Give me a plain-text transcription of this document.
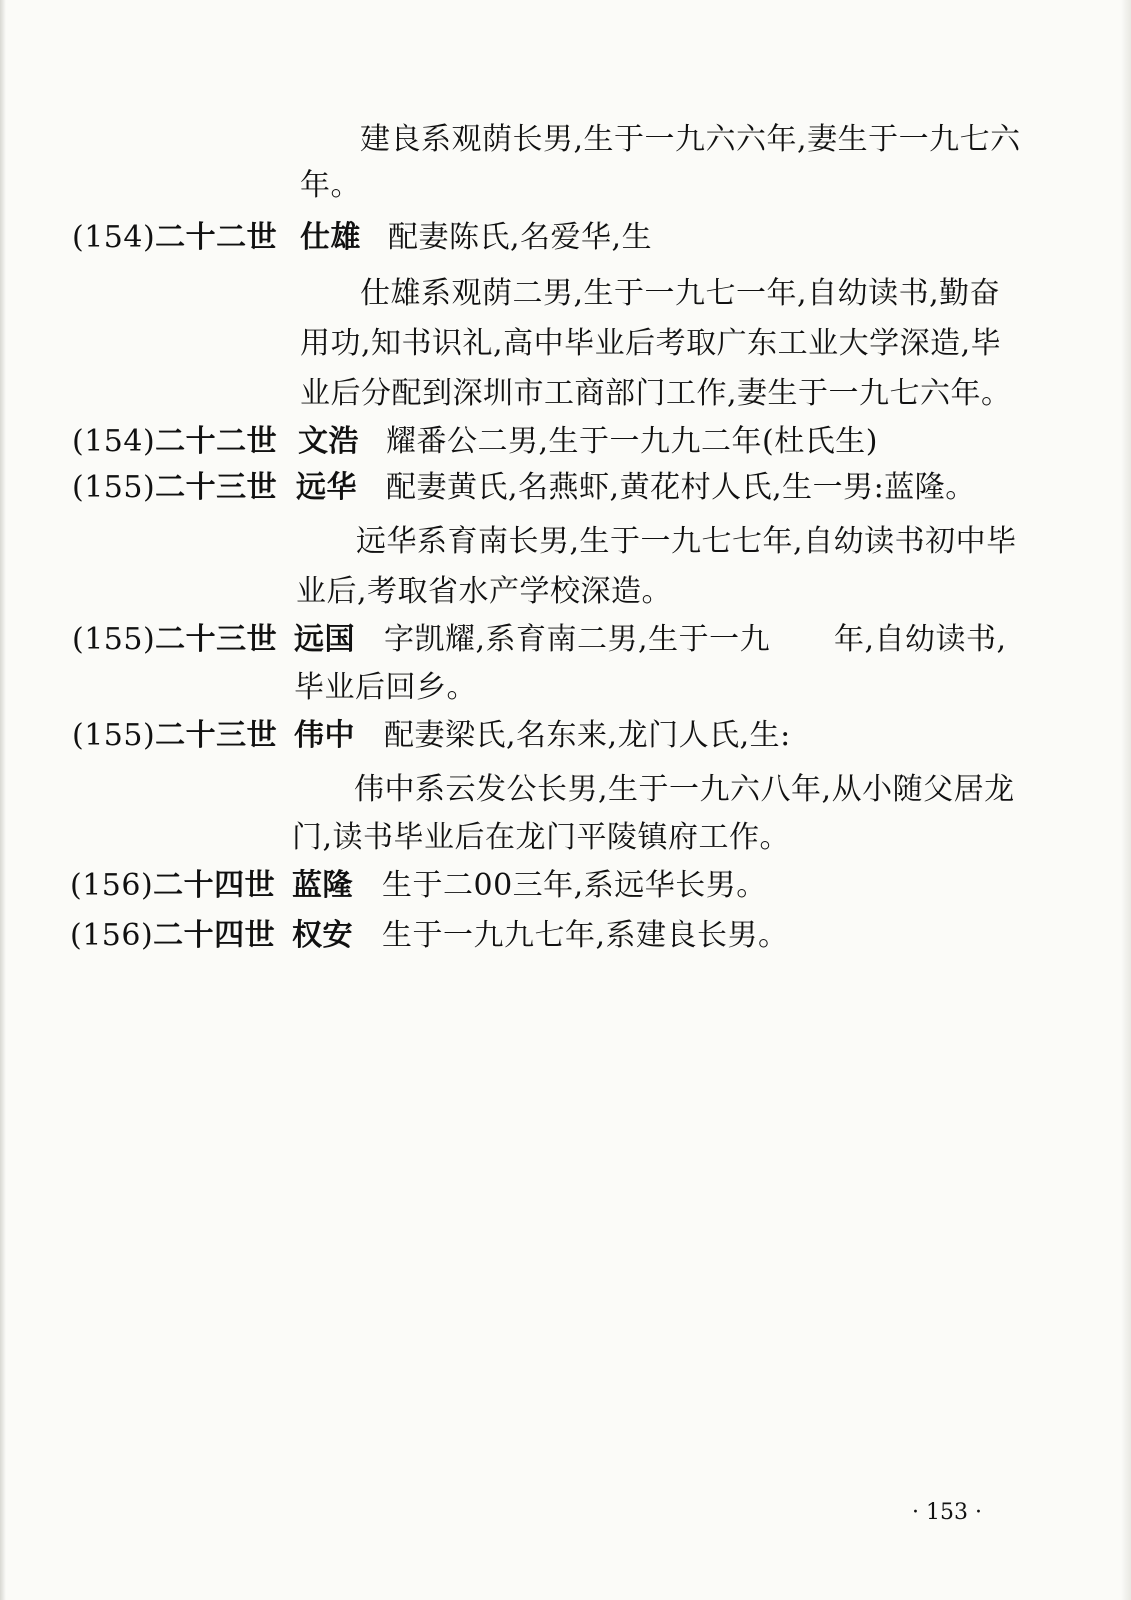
建良系观荫长男,生于一九六六年,妻生于一九七六
年。
(154)二十二世 仕雄 配妻陈氏,名爱华,生
仕雄系观荫二男,生于一九七一年,自幼读书,勤奋
用功,知书识礼,高中毕业后考取广东工业大学深造,毕
业后分配到深圳市工商部门工作,妻生于一九七六年。
(154)二十二世 文浩 耀番公二男,生于一九九二年(杜氏生)
(155)二十三世 远华 配妻黄氏,名燕虾,黄花村人氏,生一男:蓝隆。
远华系育南长男,生于一九七七年,自幼读书初中毕
业后,考取省水产学校深造。
(155)二十三世 远国 字凯耀,系育南二男,生于一九 年,自幼读书,
毕业后回乡。
(155)二十三世 伟中 配妻梁氏,名东来,龙门人氏,生:
伟中系云发公长男,生于一九六八年,从小随父居龙
门,读书毕业后在龙门平陵镇府工作。
(156)二十四世 蓝隆 生于二00三年,系远华长男。
(156)二十四世 权安 生于一九九七年,系建良长男。
· 153 ·
